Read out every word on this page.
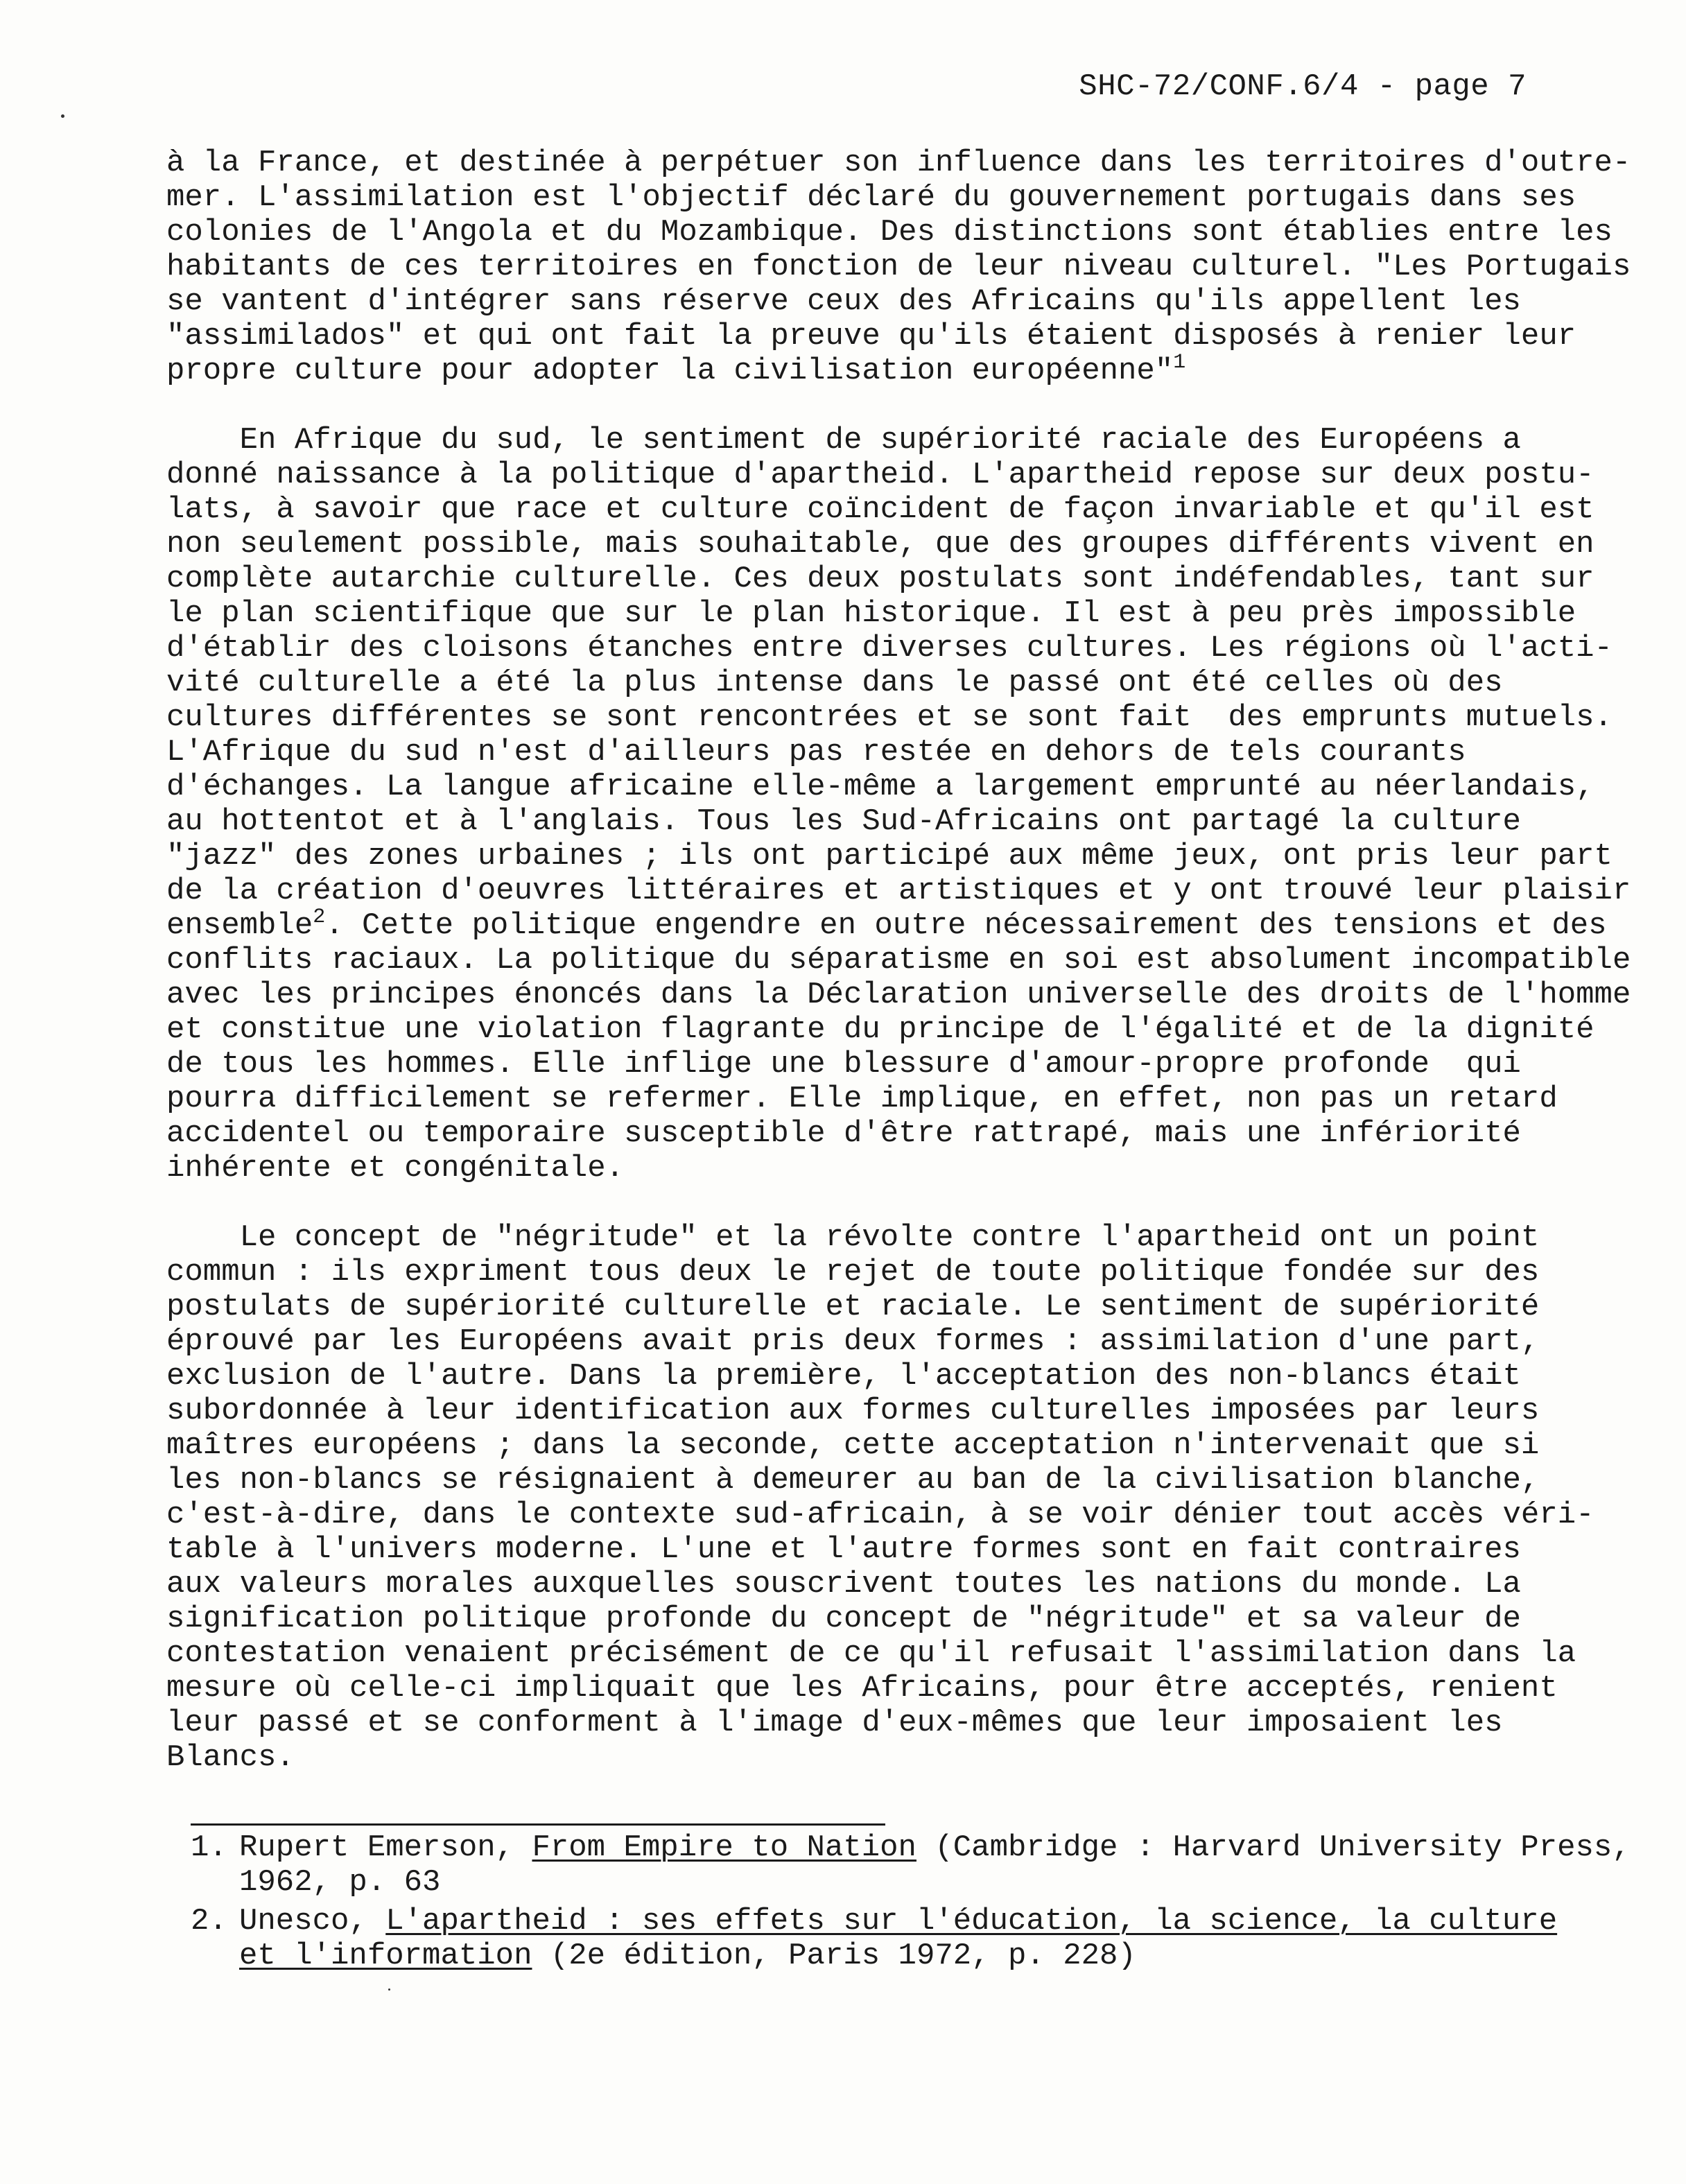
SHC-72/CONF.6/4 - page 7
à la France, et destinée à perpétuer son influence dans les territoires d'outre-
mer. L'assimilation est l'objectif déclaré du gouvernement portugais dans ses
colonies de l'Angola et du Mozambique. Des distinctions sont établies entre les
habitants de ces territoires en fonction de leur niveau culturel. "Les Portugais
se vantent d'intégrer sans réserve ceux des Africains qu'ils appellent les
"assimilados" et qui ont fait la preuve qu'ils étaient disposés à renier leur
propre culture pour adopter la civilisation européenne"$^1$
En Afrique du sud, le sentiment de supériorité raciale des Européens a
donné naissance à la politique d'apartheid. L'apartheid repose sur deux postu-
lats, à savoir que race et culture coïncident de façon invariable et qu'il est
non seulement possible, mais souhaitable, que des groupes différents vivent en
complète autarchie culturelle. Ces deux postulats sont indéfendables, tant sur
le plan scientifique que sur le plan historique. Il est à peu près impossible
d'établir des cloisons étanches entre diverses cultures. Les régions où l'acti-
vité culturelle a été la plus intense dans le passé ont été celles où des
cultures différentes se sont rencontrées et se sont fait  des emprunts mutuels.
L'Afrique du sud n'est d'ailleurs pas restée en dehors de tels courants
d'échanges. La langue africaine elle-même a largement emprunté au néerlandais,
au hottentot et à l'anglais. Tous les Sud-Africains ont partagé la culture
"jazz" des zones urbaines ; ils ont participé aux même jeux, ont pris leur part
de la création d'oeuvres littéraires et artistiques et y ont trouvé leur plaisir
ensemble$^2$. Cette politique engendre en outre nécessairement des tensions et des
conflits raciaux. La politique du séparatisme en soi est absolument incompatible
avec les principes énoncés dans la Déclaration universelle des droits de l'homme
et constitue une violation flagrante du principe de l'égalité et de la dignité
de tous les hommes. Elle inflige une blessure d'amour-propre profonde  qui
pourra difficilement se refermer. Elle implique, en effet, non pas un retard
accidentel ou temporaire susceptible d'être rattrapé, mais une infériorité
inhérente et congénitale.
Le concept de "négritude" et la révolte contre l'apartheid ont un point
commun : ils expriment tous deux le rejet de toute politique fondée sur des
postulats de supériorité culturelle et raciale. Le sentiment de supériorité
éprouvé par les Européens avait pris deux formes : assimilation d'une part,
exclusion de l'autre. Dans la première, l'acceptation des non-blancs était
subordonnée à leur identification aux formes culturelles imposées par leurs
maîtres européens ; dans la seconde, cette acceptation n'intervenait que si
les non-blancs se résignaient à demeurer au ban de la civilisation blanche,
c'est-à-dire, dans le contexte sud-africain, à se voir dénier tout accès véri-
table à l'univers moderne. L'une et l'autre formes sont en fait contraires
aux valeurs morales auxquelles souscrivent toutes les nations du monde. La
signification politique profonde du concept de "négritude" et sa valeur de
contestation venaient précisément de ce qu'il refusait l'assimilation dans la
mesure où celle-ci impliquait que les Africains, pour être acceptés, renient
leur passé et se conforment à l'image d'eux-mêmes que leur imposaient les
Blancs.
1. Rupert Emerson, From Empire to Nation (Cambridge : Harvard University Press,
1962, p. 63
2. Unesco, L'apartheid : ses effets sur l'éducation, la science, la culture
et l'information (2e édition, Paris 1972, p. 228)
